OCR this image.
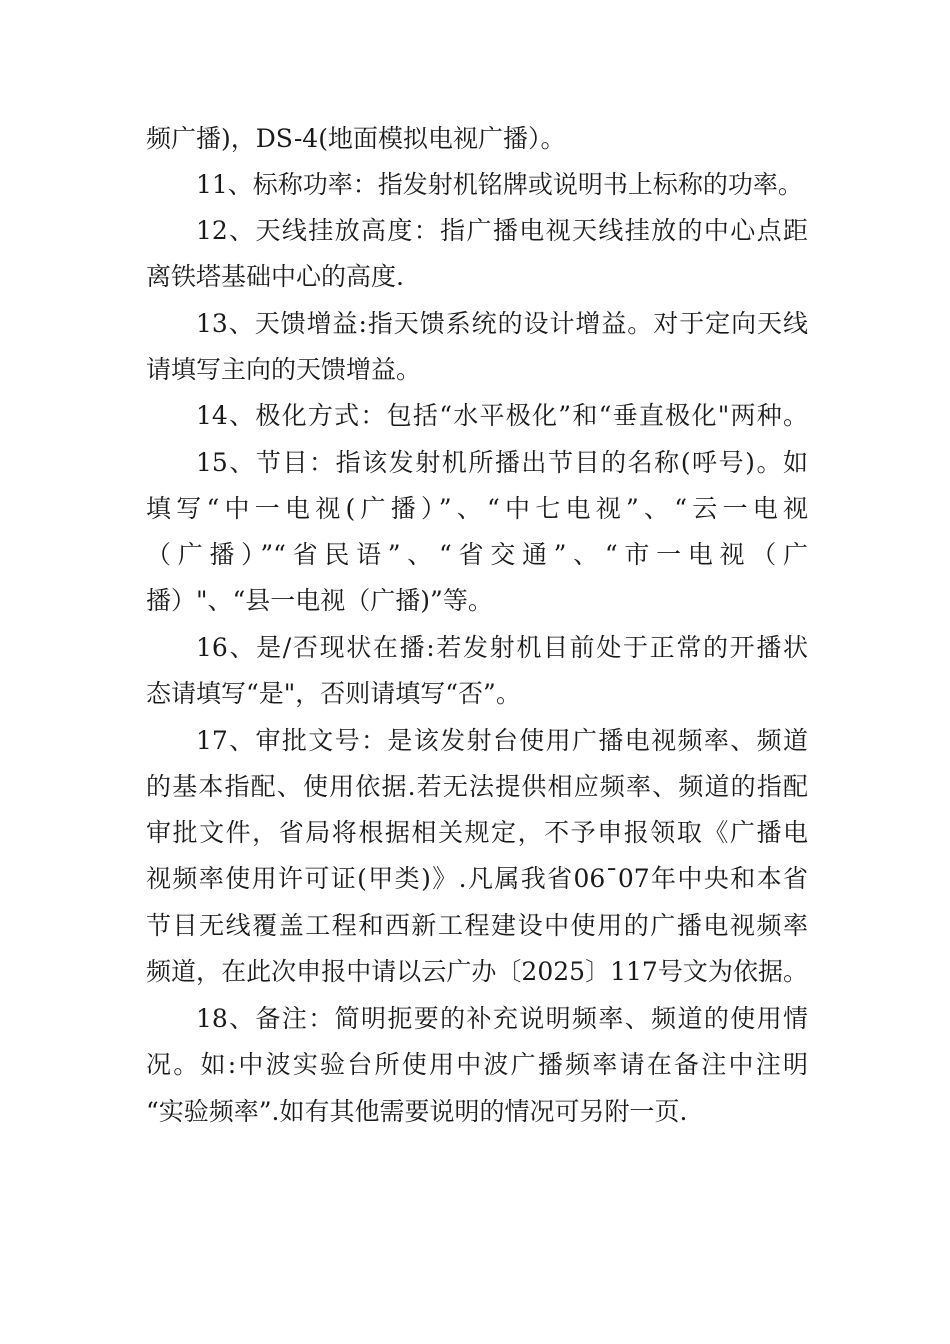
频广播)，DS-4(地面模拟电视广播）。
11、标称功率：指发射机铭牌或说明书上标称的功率。
12、天线挂放高度：指广播电视天线挂放的中心点距
离铁塔基础中心的高度.
13、天馈增益:指天馈系统的设计增益。对于定向天线
请填写主向的天馈增益。
14、极化方式：包括“水平极化”和“垂直极化"两种。
15、节目：指该发射机所播出节目的名称(呼号)。如
填写“中一电视(广播）”、“中七电视”、“云一电视
（广播）”“省民语”、“省交通”、“市一电视（广
播）"、“县一电视（广播)”等。
16、是/否现状在播:若发射机目前处于正常的开播状
态请填写“是"，否则请填写“否”。
17、审批文号：是该发射台使用广播电视频率、频道
的基本指配、使用依据.若无法提供相应频率、频道的指配
审批文件，省局将根据相关规定，不予申报领取《广播电
视频率使用许可证(甲类)》.凡属我省06¯07年中央和本省
节目无线覆盖工程和西新工程建设中使用的广播电视频率
频道，在此次申报中请以云广办〔2025〕117号文为依据。
18、备注：简明扼要的补充说明频率、频道的使用情
况。如:中波实验台所使用中波广播频率请在备注中注明
“实验频率”.如有其他需要说明的情况可另附一页.
